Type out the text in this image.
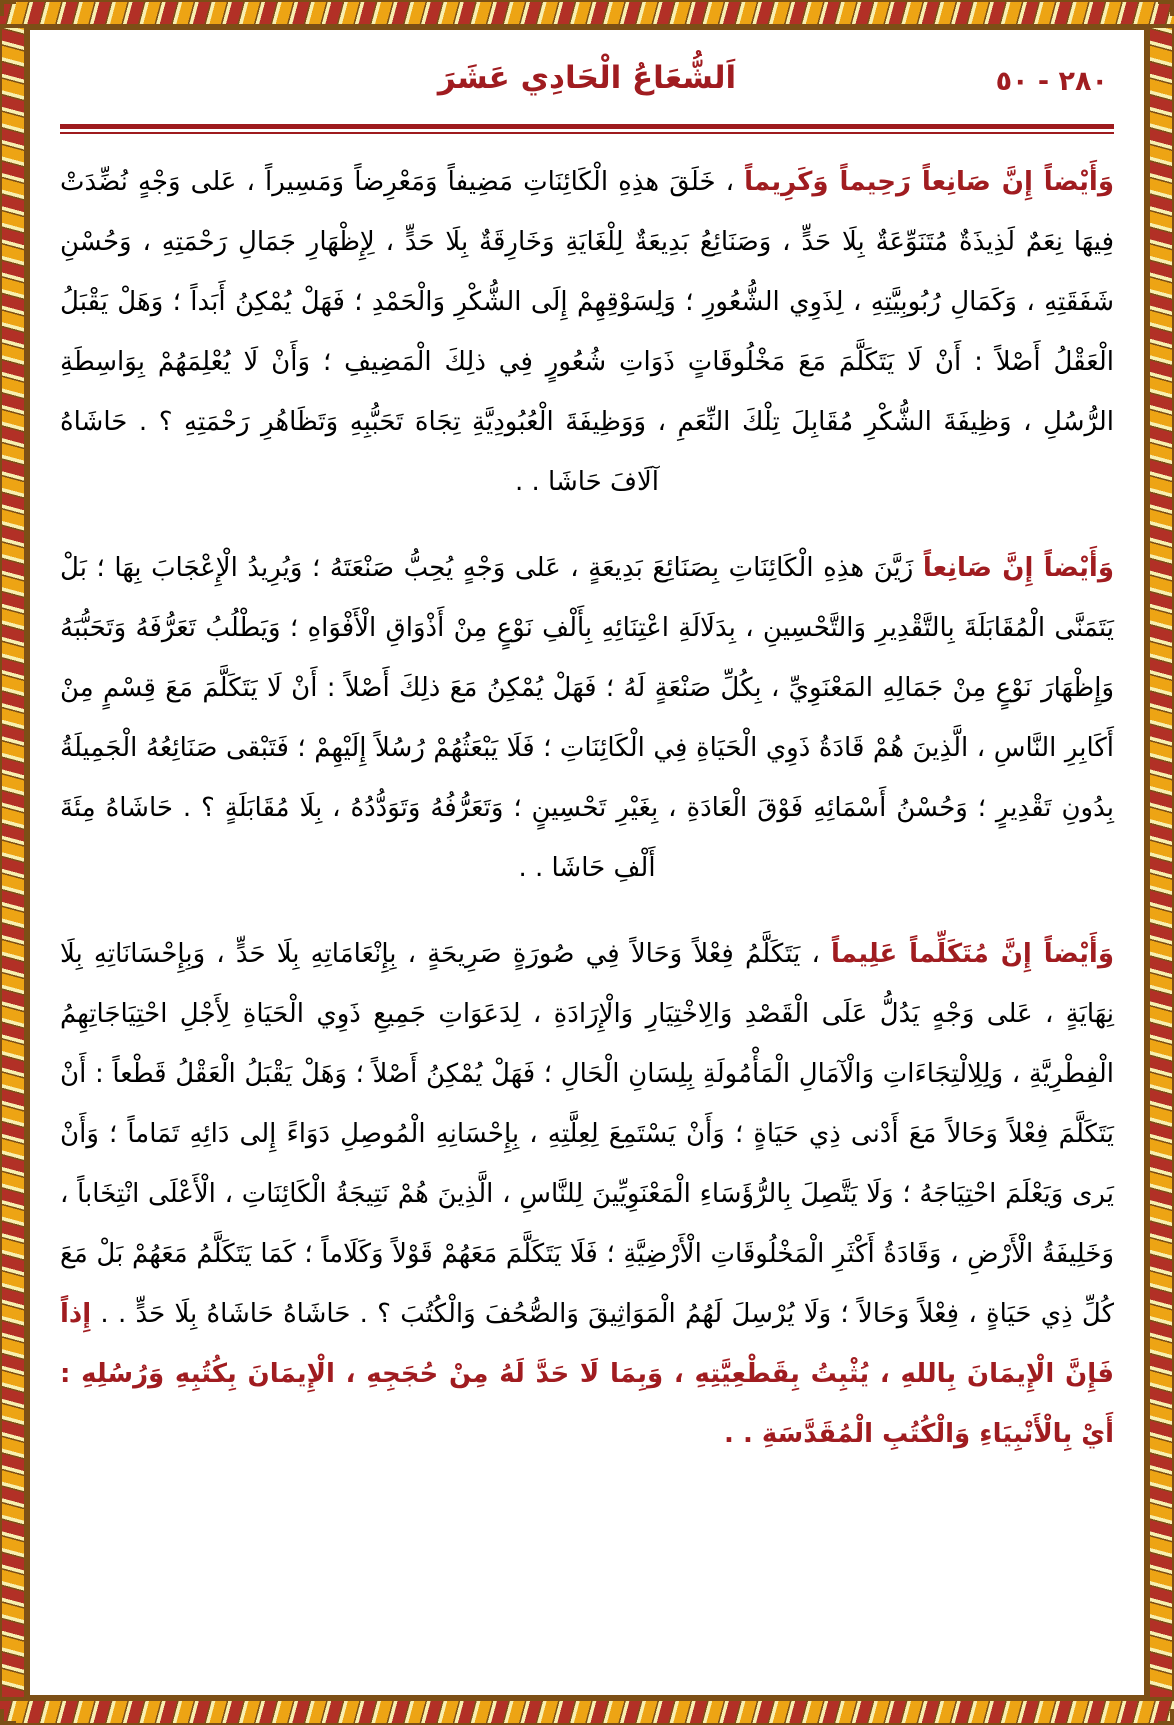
اَلشُّعَاعُ الْحَادِي عَشَرَ	٢٨٠ - ٥٠

وَأَيْضاً إِنَّ صَانِعاً رَحِيماً وَكَرِيماً ، خَلَقَ هذِهِ الْكَائِنَاتِ مَضِيفاً وَمَعْرِضاً وَمَسِيراً ، عَلى وَجْهٍ نُضِّدَتْ فِيهَا نِعَمٌ لَذِيذَةٌ مُتَنَوِّعَةٌ بِلَا حَدٍّ ، وَصَنَائِعُ بَدِيعَةٌ لِلْغَايَةِ وَخَارِقَةٌ بِلَا حَدٍّ ، لِإِظْهَارِ جَمَالِ رَحْمَتِهِ ، وَحُسْنِ شَفَقَتِهِ ، وَكَمَالِ رُبُوبِيَّتِهِ ، لِذَوِي الشُّعُورِ ؛ وَلِسَوْقِهِمْ إِلَى الشُّكْرِ وَالْحَمْدِ ؛ فَهَلْ يُمْكِنُ أَبَداً ؛ وَهَلْ يَقْبَلُ الْعَقْلُ أَصْلاً : أَنْ لَا يَتَكَلَّمَ مَعَ مَخْلُوقَاتٍ ذَوَاتِ شُعُورٍ فِي ذلِكَ الْمَضِيفِ ؛ وَأَنْ لَا يُعْلِمَهُمْ بِوَاسِطَةِ الرُّسُلِ ، وَظِيفَةَ الشُّكْرِ مُقَابِلَ تِلْكَ النِّعَمِ ، وَوَظِيفَةَ الْعُبُودِيَّةِ تِجَاهَ تَحَبُّبِهِ وَتَظَاهُرِ رَحْمَتِهِ ؟ . حَاشَاهُ آلَافَ حَاشَا . .

وَأَيْضاً إِنَّ صَانِعاً زَيَّنَ هذِهِ الْكَائِنَاتِ بِصَنَائِعَ بَدِيعَةٍ ، عَلى وَجْهٍ يُحِبُّ صَنْعَتَهُ ؛ وَيُرِيدُ الْإِعْجَابَ بِهَا ؛ بَلْ يَتَمَنَّى الْمُقَابَلَةَ بِالتَّقْدِيرِ وَالتَّحْسِينِ ، بِدَلَالَةِ اعْتِنَائِهِ بِأَلْفِ نَوْعٍ مِنْ أَذْوَاقِ الْأَفْوَاهِ ؛ وَيَطْلُبُ تَعَرُّفَهُ وَتَحَبُّبَهُ وَإِظْهَارَ نَوْعٍ مِنْ جَمَالِهِ المَعْنَوِيِّ ، بِكُلِّ صَنْعَةٍ لَهُ ؛ فَهَلْ يُمْكِنُ مَعَ ذلِكَ أَصْلاً : أَنْ لَا يَتَكَلَّمَ مَعَ قِسْمٍ مِنْ أَكَابِرِ النَّاسِ ، الَّذِينَ هُمْ قَادَةُ ذَوِي الْحَيَاةِ فِي الْكَائِنَاتِ ؛ فَلَا يَبْعَثُهُمْ رُسُلاً إِلَيْهِمْ ؛ فَتَبْقى صَنَائِعُهُ الْجَمِيلَةُ بِدُونِ تَقْدِيرٍ ؛ وَحُسْنُ أَسْمَائِهِ فَوْقَ الْعَادَةِ ، بِغَيْرِ تَحْسِينٍ ؛ وَتَعَرُّفُهُ وَتَوَدُّدُهُ ، بِلَا مُقَابَلَةٍ ؟ . حَاشَاهُ مِئَةَ أَلْفِ حَاشَا . .

وَأَيْضاً إِنَّ مُتَكَلِّماً عَلِيماً ، يَتَكَلَّمُ فِعْلاً وَحَالاً فِي صُورَةٍ صَرِيحَةٍ ، بِإِنْعَامَاتِهِ بِلَا حَدٍّ ، وَبِإِحْسَانَاتِهِ بِلَا نِهَايَةٍ ، عَلى وَجْهٍ يَدُلُّ عَلَى الْقَصْدِ وَالِاخْتِيَارِ وَالْإِرَادَةِ ، لِدَعَوَاتِ جَمِيعِ ذَوِي الْحَيَاةِ لِأَجْلِ احْتِيَاجَاتِهِمُ الْفِطْرِيَّةِ ، وَلِلِالْتِجَاءَاتِ وَالْآمَالِ الْمَأْمُولَةِ بِلِسَانِ الْحَالِ ؛ فَهَلْ يُمْكِنُ أَصْلاً ؛ وَهَلْ يَقْبَلُ الْعَقْلُ قَطْعاً : أَنْ يَتَكَلَّمَ فِعْلاً وَحَالاً مَعَ أَدْنى ذِي حَيَاةٍ ؛ وَأَنْ يَسْتَمِعَ لِعِلَّتِهِ ، بِإِحْسَانِهِ الْمُوصِلِ دَوَاءً إِلى دَائِهِ تَمَاماً ؛ وَأَنْ يَرى وَيَعْلَمَ احْتِيَاجَهُ ؛ وَلَا يَتَّصِلَ بِالرُّؤَسَاءِ الْمَعْنَوِيِّينَ لِلنَّاسِ ، الَّذِينَ هُمْ نَتِيجَةُ الْكَائِنَاتِ ، الْأَعْلَى انْتِخَاباً ، وَخَلِيفَةُ الْأَرْضِ ، وَقَادَةُ أَكْثَرِ الْمَخْلُوقَاتِ الْأَرْضِيَّةِ ؛ فَلَا يَتَكَلَّمَ مَعَهُمْ قَوْلاً وَكَلَاماً ؛ كَمَا يَتَكَلَّمُ مَعَهُمْ بَلْ مَعَ كُلِّ ذِي حَيَاةٍ ، فِعْلاً وَحَالاً ؛ وَلَا يُرْسِلَ لَهُمُ الْمَوَاثِيقَ وَالصُّحُفَ وَالْكُتُبَ ؟ . حَاشَاهُ حَاشَاهُ بِلَا حَدٍّ . . إِذاً فَإِنَّ الْإِيمَانَ بِاللهِ ، يُثْبِتُ بِقَطْعِيَّتِهِ ، وَبِمَا لَا حَدَّ لَهُ مِنْ حُجَجِهِ ، الْإِيمَانَ بِكُتُبِهِ وَرُسُلِهِ : أَيْ بِالْأَنْبِيَاءِ وَالْكُتُبِ الْمُقَدَّسَةِ . .
